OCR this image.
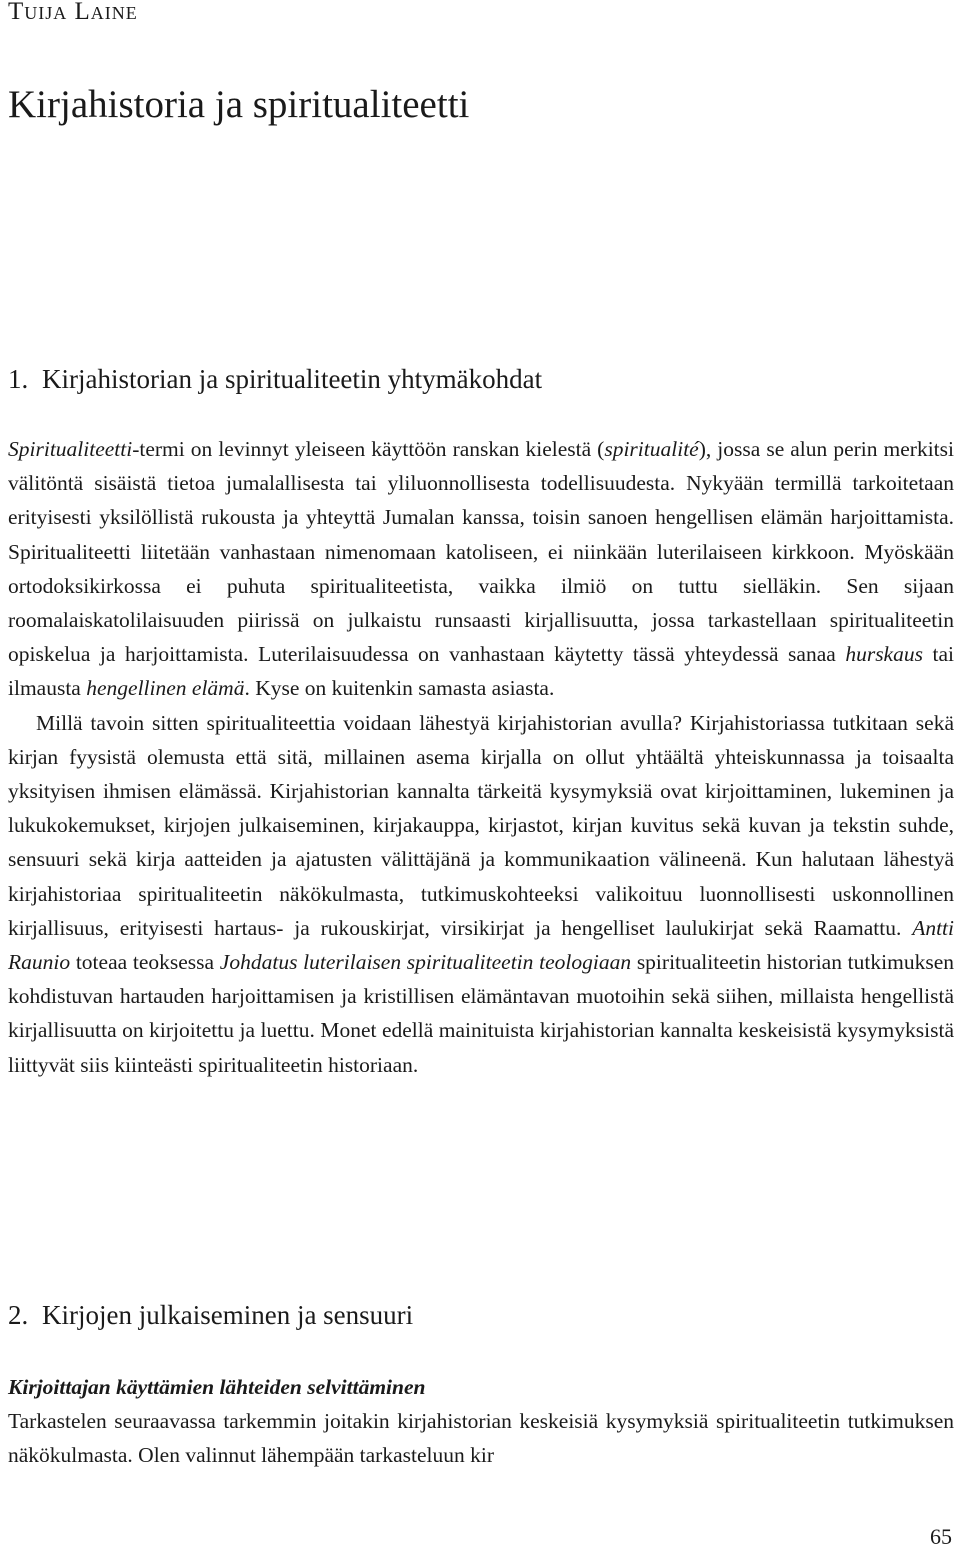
Tuija Laine
Kirjahistoria ja spiritualiteetti
1. Kirjahistorian ja spiritualiteetin yhtymäkohdat

Spiritualiteetti-termi on levinnyt yleiseen käyttöön ranskan kielestä (spiritualité), jossa se alun perin merkitsi välitöntä sisäistä tietoa jumalallisesta tai yliluonnollisesta todellisuudesta. Nykyään termillä tarkoitetaan erityisesti yksilöllistä rukousta ja yhteyttä Jumalan kanssa, toisin sanoen hengellisen elämän harjoittamista. Spiritualiteetti liitetään vanhastaan nimenomaan katoliseen, ei niinkään luterilaiseen kirkkoon. Myöskään ortodoksikirkossa ei puhuta spiritualiteetista, vaikka ilmiö on tuttu sielläkin. Sen sijaan roomalaiskatolilaisuuden piirissä on julkaistu runsaasti kirjallisuutta, jossa tarkastellaan spiritualiteetin opiskelua ja harjoittamista. Luterilaisuudessa on vanhastaan käytetty tässä yhteydessä sanaa hurskaus tai ilmausta hengellinen elämä. Kyse on kuitenkin samasta asiasta.

Millä tavoin sitten spiritualiteettia voidaan lähestyä kirjahistorian avulla? Kirjahistoriassa tutkitaan sekä kirjan fyysistä olemusta että sitä, millainen asema kirjalla on ollut yhtäältä yhteiskunnassa ja toisaalta yksityisen ihmisen elämässä. Kirjahistorian kannalta tärkeitä kysymyksiä ovat kirjoittaminen, lukeminen ja lukukokemukset, kirjojen julkaiseminen, kirjakauppa, kirjastot, kirjan kuvitus sekä kuvan ja tekstin suhde, sensuuri sekä kirja aatteiden ja ajatusten välittäjänä ja kommunikaation välineenä. Kun halutaan lähestyä kirjahistoriaa spiritualiteetin näkökulmasta, tutkimuskohteeksi valikoituu luonnollisesti uskonnollinen kirjallisuus, erityisesti hartaus- ja rukouskirjat, virsikirjat ja hengelliset laulukirjat sekä Raamattu. Antti Raunio toteaa teoksessa Johdatus luterilaisen spiritualiteetin teologiaan spiritualiteetin historian tutkimuksen kohdistuvan hartauden harjoittamisen ja kristillisen elämäntavan muotoihin sekä siihen, millaista hengellistä kirjallisuutta on kirjoitettu ja luettu. Monet edellä mainituista kirjahistorian kannalta keskeisistä kysymyksistä liittyvät siis kiinteästi spiritualiteetin historiaan.

2. Kirjojen julkaiseminen ja sensuuri

Kirjoittajan käyttämien lähteiden selvittäminen

Tarkastelen seuraavassa tarkemmin joitakin kirjahistorian keskeisiä kysymyksiä spiritualiteetin tutkimuksen näkökulmasta. Olen valinnut lähempään tarkasteluun kir

65
